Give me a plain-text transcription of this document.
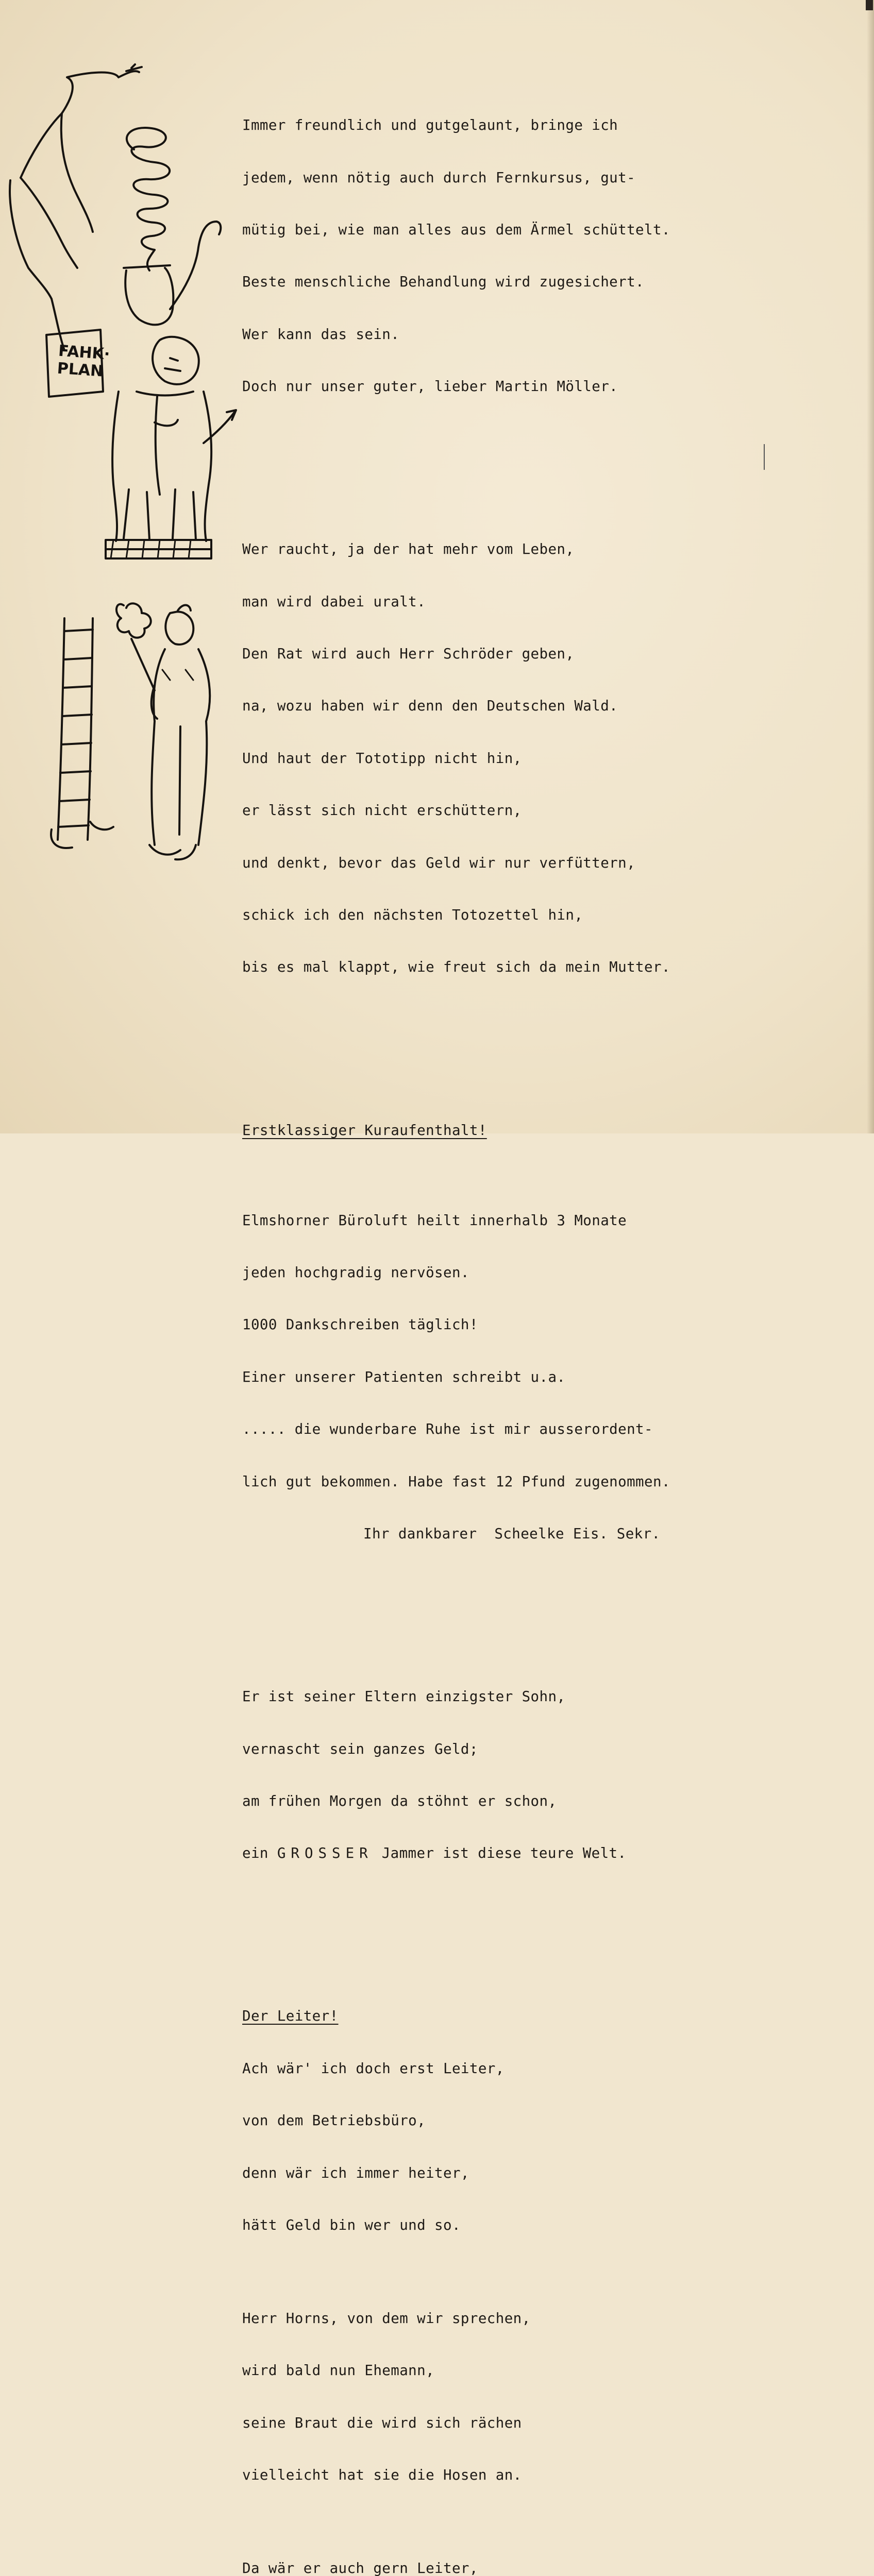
FAHK·
PLAN

Immer freundlich und gutgelaunt, bringe ich

jedem, wenn nötig auch durch Fernkursus, gut-

mütig bei, wie man alles aus dem Ärmel schüttelt.

Beste menschliche Behandlung wird zugesichert.

Wer kann das sein.

Doch nur unser guter, lieber Martin Möller.

Wer raucht, ja der hat mehr vom Leben,

man wird dabei uralt.

Den Rat wird auch Herr Schröder geben,

na, wozu haben wir denn den Deutschen Wald.

Und haut der Tototipp nicht hin,

er lässt sich nicht erschüttern,

und denkt, bevor das Geld wir nur verfüttern,

schick ich den nächsten Totozettel hin,

bis es mal klappt, wie freut sich da mein Mutter.

Erstklassiger Kuraufenthalt!

Elmshorner Büroluft heilt innerhalb 3 Monate

jeden hochgradig nervösen.

1000 Dankschreiben täglich!

Einer unserer Patienten schreibt u.a.

..... die wunderbare Ruhe ist mir ausserordent-

lich gut bekommen. Habe fast 12 Pfund zugenommen.

Ihr dankbarer  Scheelke Eis. Sekr.

Er ist seiner Eltern einzigster Sohn,

vernascht sein ganzes Geld;

am frühen Morgen da stöhnt er schon,

ein GROSSER Jammer ist diese teure Welt.

Der Leiter!

Ach wär' ich doch erst Leiter,

von dem Betriebsbüro,

denn wär ich immer heiter,

hätt Geld bin wer und so.

Herr Horns, von dem wir sprechen,

wird bald nun Ehemann,

seine Braut die wird sich rächen

vielleicht hat sie die Hosen an.

Da wär er auch gern Leiter,
